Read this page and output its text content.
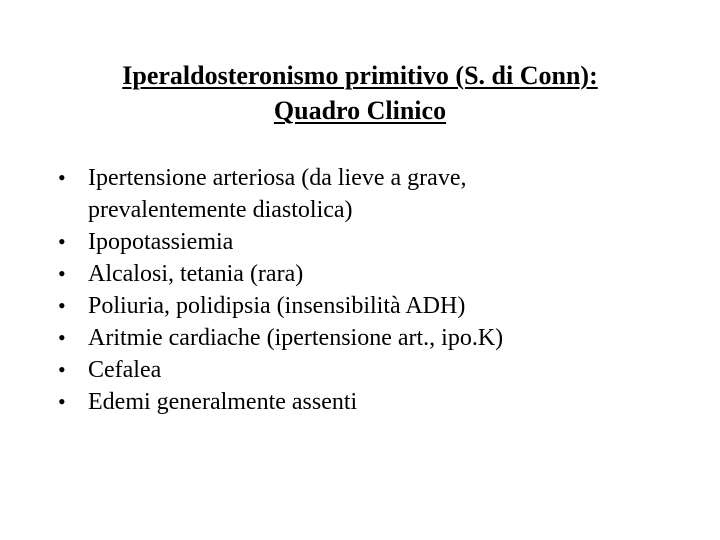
Iperaldosteronismo primitivo (S. di Conn):
Quadro Clinico
• Ipertensione arteriosa (da lieve a grave,
prevalentemente diastolica)
• Ipopotassiemia
• Alcalosi, tetania (rara)
• Poliuria, polidipsia (insensibilità ADH)
• Aritmie cardiache (ipertensione art., ipo.K)
• Cefalea
• Edemi generalmente assenti
